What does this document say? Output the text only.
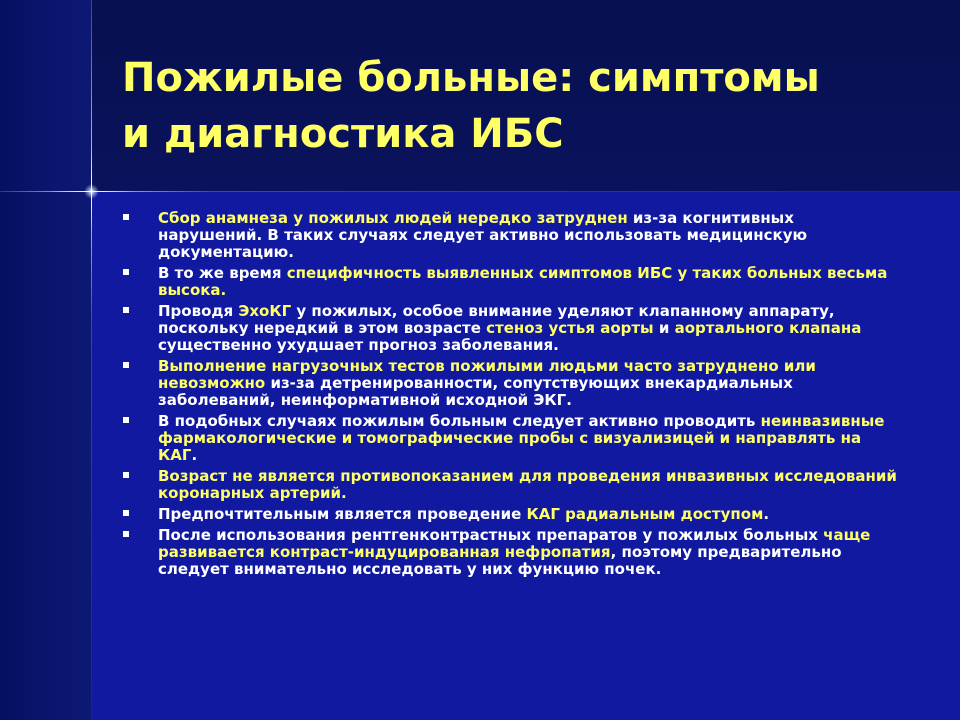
Пожилые больные: симптомы
и диагностика ИБС
Сбор анамнеза у пожилых людей нередко затруднен из-за когнитивных нарушений. В таких случаях следует активно использовать медицинскую документацию.
В то же время специфичность выявленных симптомов ИБС у таких больных весьма высока.
Проводя ЭхоКГ у пожилых, особое внимание уделяют клапанному аппарату, поскольку нередкий в этом возрасте стеноз устья аорты и аортального клапана существенно ухудшает прогноз заболевания.
Выполнение нагрузочных тестов пожилыми людьми часто затруднено или невозможно из-за детренированности, сопутствующих внекардиальных заболеваний, неинформативной исходной ЭКГ.
В подобных случаях пожилым больным следует активно проводить неинвазивные фармакологические и томографические пробы с визуализицей и направлять на КАГ.
Возраст не является противопоказанием для проведения инвазивных исследований коронарных артерий.
Предпочтительным является проведение КАГ радиальным доступом.
После использования рентгенконтрастных препаратов у пожилых больных чаще развивается контраст-индуцированная нефропатия, поэтому предварительно следует внимательно исследовать у них функцию почек.
